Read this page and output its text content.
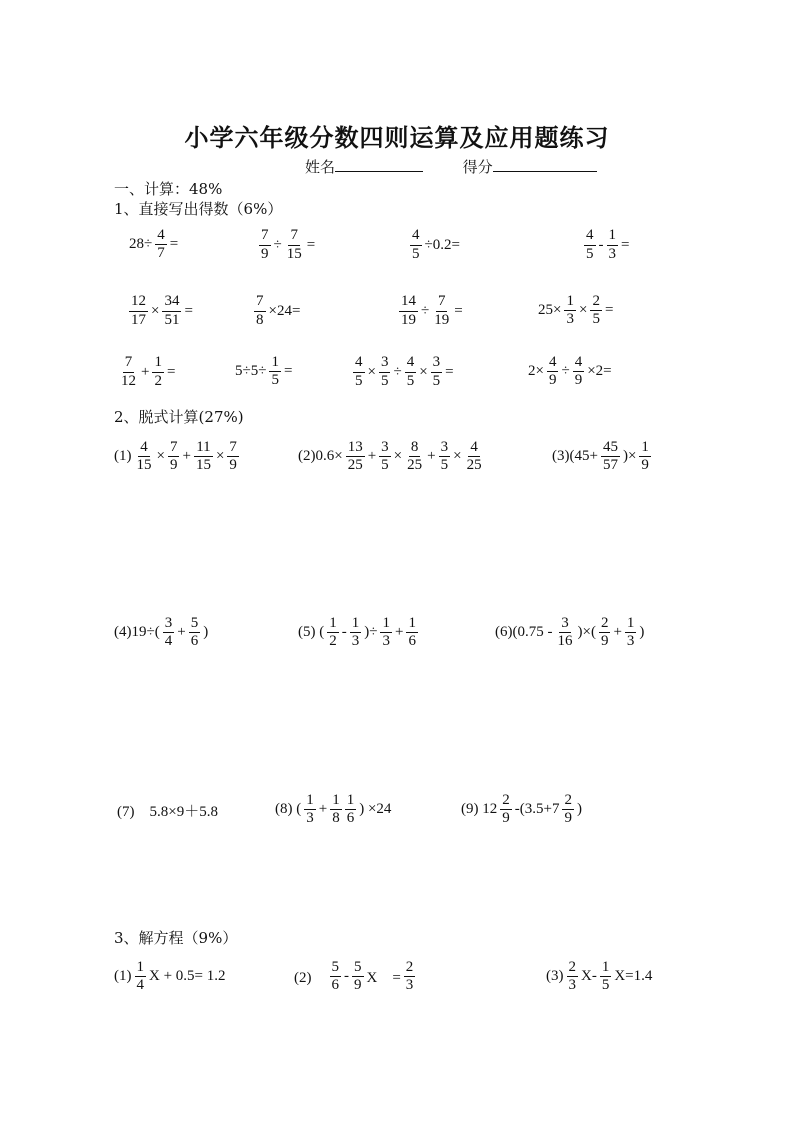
小学六年级分数四则运算及应用题练习
姓名	得分
一、计算：48%
1、直接写出得数（6%）
2、脱式计算(27%)
3、解方程（9%）
$28\div \frac{4}{7}$ =	$\frac{7}{9} \div \frac{7}{15}$ =	$\frac{4}{5} \div 0.2=$	$\frac{4}{5} - \frac{1}{3}$ =
$\frac{12}{17} \times \frac{34}{51}$ =	$\frac{7}{8} \times 24=$	$\frac{14}{19} \div \frac{7}{19}$ =	$25\times \frac{1}{3} \times \frac{2}{5}$ =
$\frac{7}{12} + \frac{1}{2}$ =	$5\div 5\div \frac{1}{5}$ =	$\frac{4}{5} \times \frac{3}{5} \div \frac{4}{5} \times \frac{3}{5}$ =	$2\times \frac{4}{9} \div \frac{4}{9} \times 2=$
$(1) \frac{4}{15} \times \frac{7}{9} + \frac{11}{15} \times \frac{7}{9}$	$(2)0.6\times \frac{13}{25} + \frac{3}{5} \times \frac{8}{25} + \frac{3}{5} \times \frac{4}{25}$	$(3)(45+ \frac{45}{57}$ )× $\frac{1}{9}$
$(4)19\div( \frac{3}{4} + \frac{5}{6}$ )	(5) ( $\frac{1}{2} - \frac{1}{3}$ )÷ $\frac{1}{3} + \frac{1}{6}$	$(6)(0.75 - \frac{3}{16}$ )×( $\frac{2}{9} + \frac{1}{3}$ )
(7)　5.8×9＋5.8	(8) ( $\frac{1}{3} + \frac{1}{8} \frac{1}{6}$ ) ×24	(9) $12 \frac{2}{9} -(3.5+7 \frac{2}{9}$ )
$(1) \frac{1}{4}$ X + 0.5= 1.2	(2)　 $\frac{5}{6} - \frac{5}{9}$ X　= $\frac{2}{3}$	$(3) \frac{2}{3} X- \frac{1}{5} X=1.4$
